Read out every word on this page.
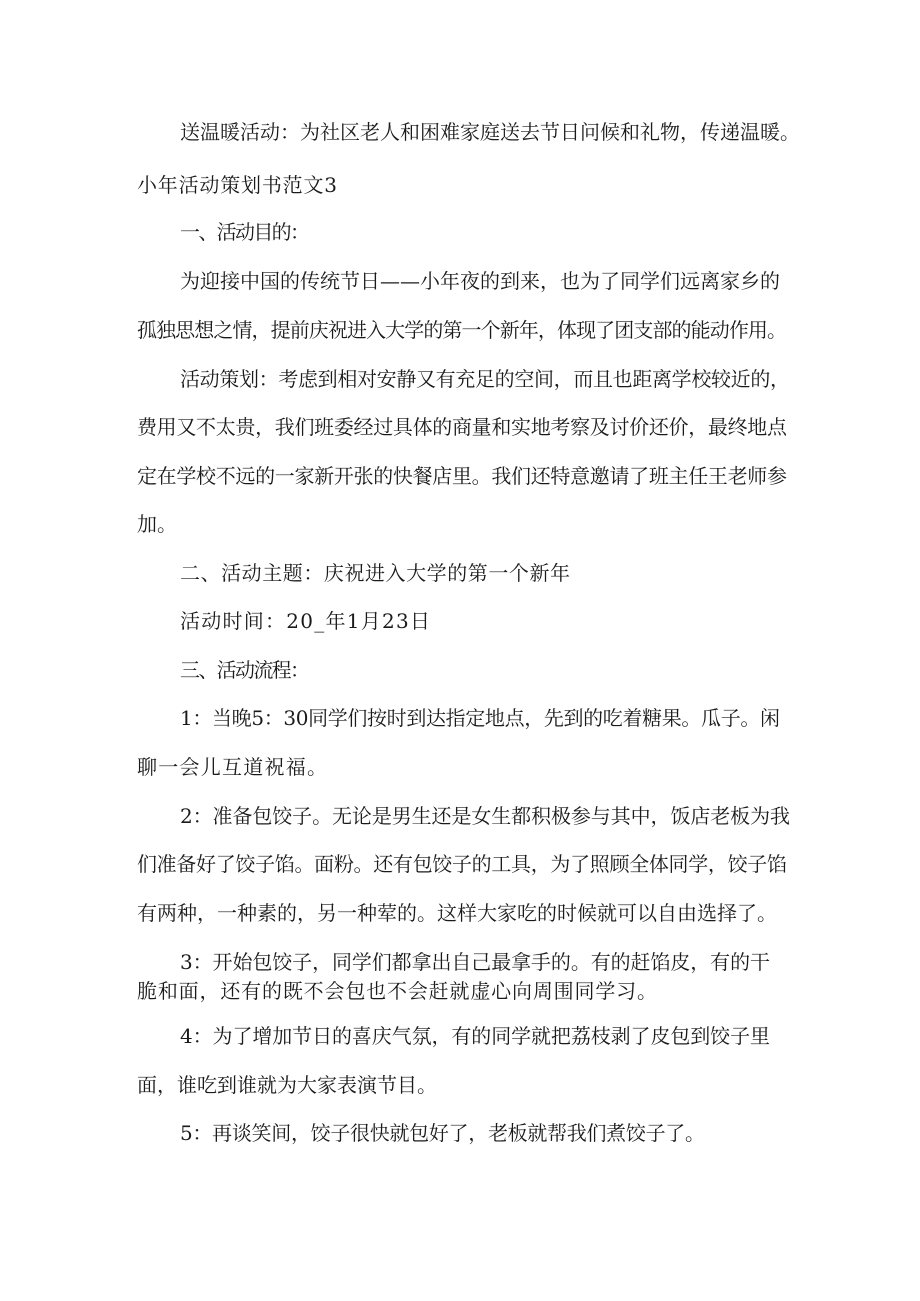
送温暖活动：为社区老人和困难家庭送去节日问候和礼物，传递温暖。

小年活动策划书范文3

一、活动目的：

为迎接中国的传统节日——小年夜的到来，也为了同学们远离家乡的

孤独思想之情，提前庆祝进入大学的第一个新年，体现了团支部的能动作用。

活动策划：考虑到相对安静又有充足的空间，而且也距离学校较近的，

费用又不太贵，我们班委经过具体的商量和实地考察及讨价还价，最终地点

定在学校不远的一家新开张的快餐店里。我们还特意邀请了班主任王老师参

加。

二、活动主题：庆祝进入大学的第一个新年

活动时间：20_年1月23日

三、活动流程：

1：当晚5：30同学们按时到达指定地点，先到的吃着糖果。瓜子。闲

聊一会儿互道祝福。

2：准备包饺子。无论是男生还是女生都积极参与其中，饭店老板为我

们准备好了饺子馅。面粉。还有包饺子的工具，为了照顾全体同学，饺子馅

有两种，一种素的，另一种荤的。这样大家吃的时候就可以自由选择了。

3：开始包饺子，同学们都拿出自己最拿手的。有的赶馅皮，有的干

脆和面，还有的既不会包也不会赶就虚心向周围同学习。

4：为了增加节日的喜庆气氛，有的同学就把荔枝剥了皮包到饺子里

面，谁吃到谁就为大家表演节目。

5：再谈笑间，饺子很快就包好了，老板就帮我们煮饺子了。
